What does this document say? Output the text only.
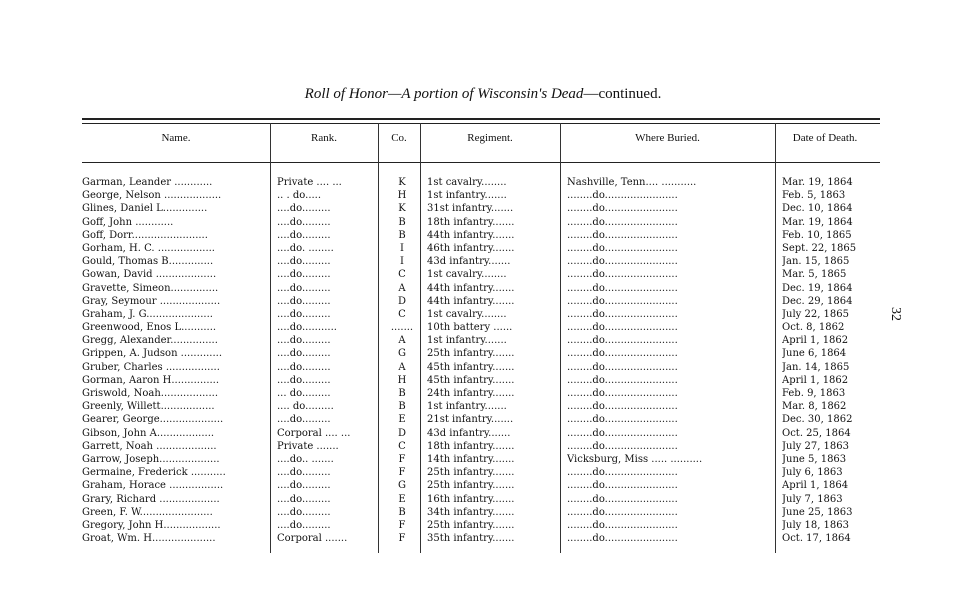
Roll of Honor—A portion of Wisconsin's Dead—continued.
32
Name.	Rank.	Co.	Regiment.	Where Buried.	Date of Death.
Garman, Leander ............	Private .... ...	K	1st cavalry........	Nashville, Tenn.... ...........	Mar. 19, 1864
George, Nelson ..................	.. . do.....	H	1st infantry.......	........do.......................	Feb. 5, 1863
Glines, Daniel L..............	....do.........	K	31st infantry.......	........do.......................	Dec. 10, 1864
Goff, John ............	....do.........	B	18th infantry.......	........do.......................	Mar. 19, 1864
Goff, Dorr........................	....do.........	B	44th infantry.......	........do.......................	Feb. 10, 1865
Gorham, H. C. ..................	....do. ........	I	46th infantry.......	........do.......................	Sept. 22, 1865
Gould, Thomas B..............	....do.........	I	43d infantry.......	........do.......................	Jan. 15, 1865
Gowan, David ...................	....do.........	C	1st cavalry........	........do.......................	Mar. 5, 1865
Gravette, Simeon...............	....do.........	A	44th infantry.......	........do.......................	Dec. 19, 1864
Gray, Seymour ...................	....do.........	D	44th infantry.......	........do.......................	Dec. 29, 1864
Graham, J. G.....................	....do.........	C	1st cavalry........	........do.......................	July 22, 1865
Greenwood, Enos L...........	....do...........	.......	10th battery ......	........do.......................	Oct. 8, 1862
Gregg, Alexander...............	....do.........	A	1st infantry.......	........do.......................	April 1, 1862
Grippen, A. Judson .............	....do.........	G	25th infantry.......	........do.......................	June 6, 1864
Gruber, Charles .................	....do.........	A	45th infantry.......	........do.......................	Jan. 14, 1865
Gorman, Aaron H...............	....do.........	H	45th infantry.......	........do.......................	April 1, 1862
Griswold, Noah..................	... do.........	B	24th infantry.......	........do.......................	Feb. 9, 1863
Greenly, Willett.................	.... do.........	B	1st infantry.......	........do.......................	Mar. 8, 1862
Gearer, George....................	....do.........	E	21st infantry.......	........do.......................	Dec. 30, 1862
Gibson, John A..................	Corporal .... ...	D	43d infantry.......	........do.......................	Oct. 25, 1864
Garrett, Noah ...................	Private .......	C	18th infantry.......	........do.......................	July 27, 1863
Garrow, Joseph...................	....do.. .......	F	14th infantry.......	Vicksburg, Miss ..... ..........	June 5, 1863
Germaine, Frederick ...........	....do.........	F	25th infantry.......	........do.......................	July 6, 1863
Graham, Horace .................	....do.........	G	25th infantry.......	........do.......................	April 1, 1864
Grary, Richard ...................	....do.........	E	16th infantry.......	........do.......................	July 7, 1863
Green, F. W.......................	....do.........	B	34th infantry.......	........do.......................	June 25, 1863
Gregory, John H..................	....do.........	F	25th infantry.......	........do.......................	July 18, 1863
Groat, Wm. H....................	Corporal .......	F	35th infantry.......	........do.......................	Oct. 17, 1864
